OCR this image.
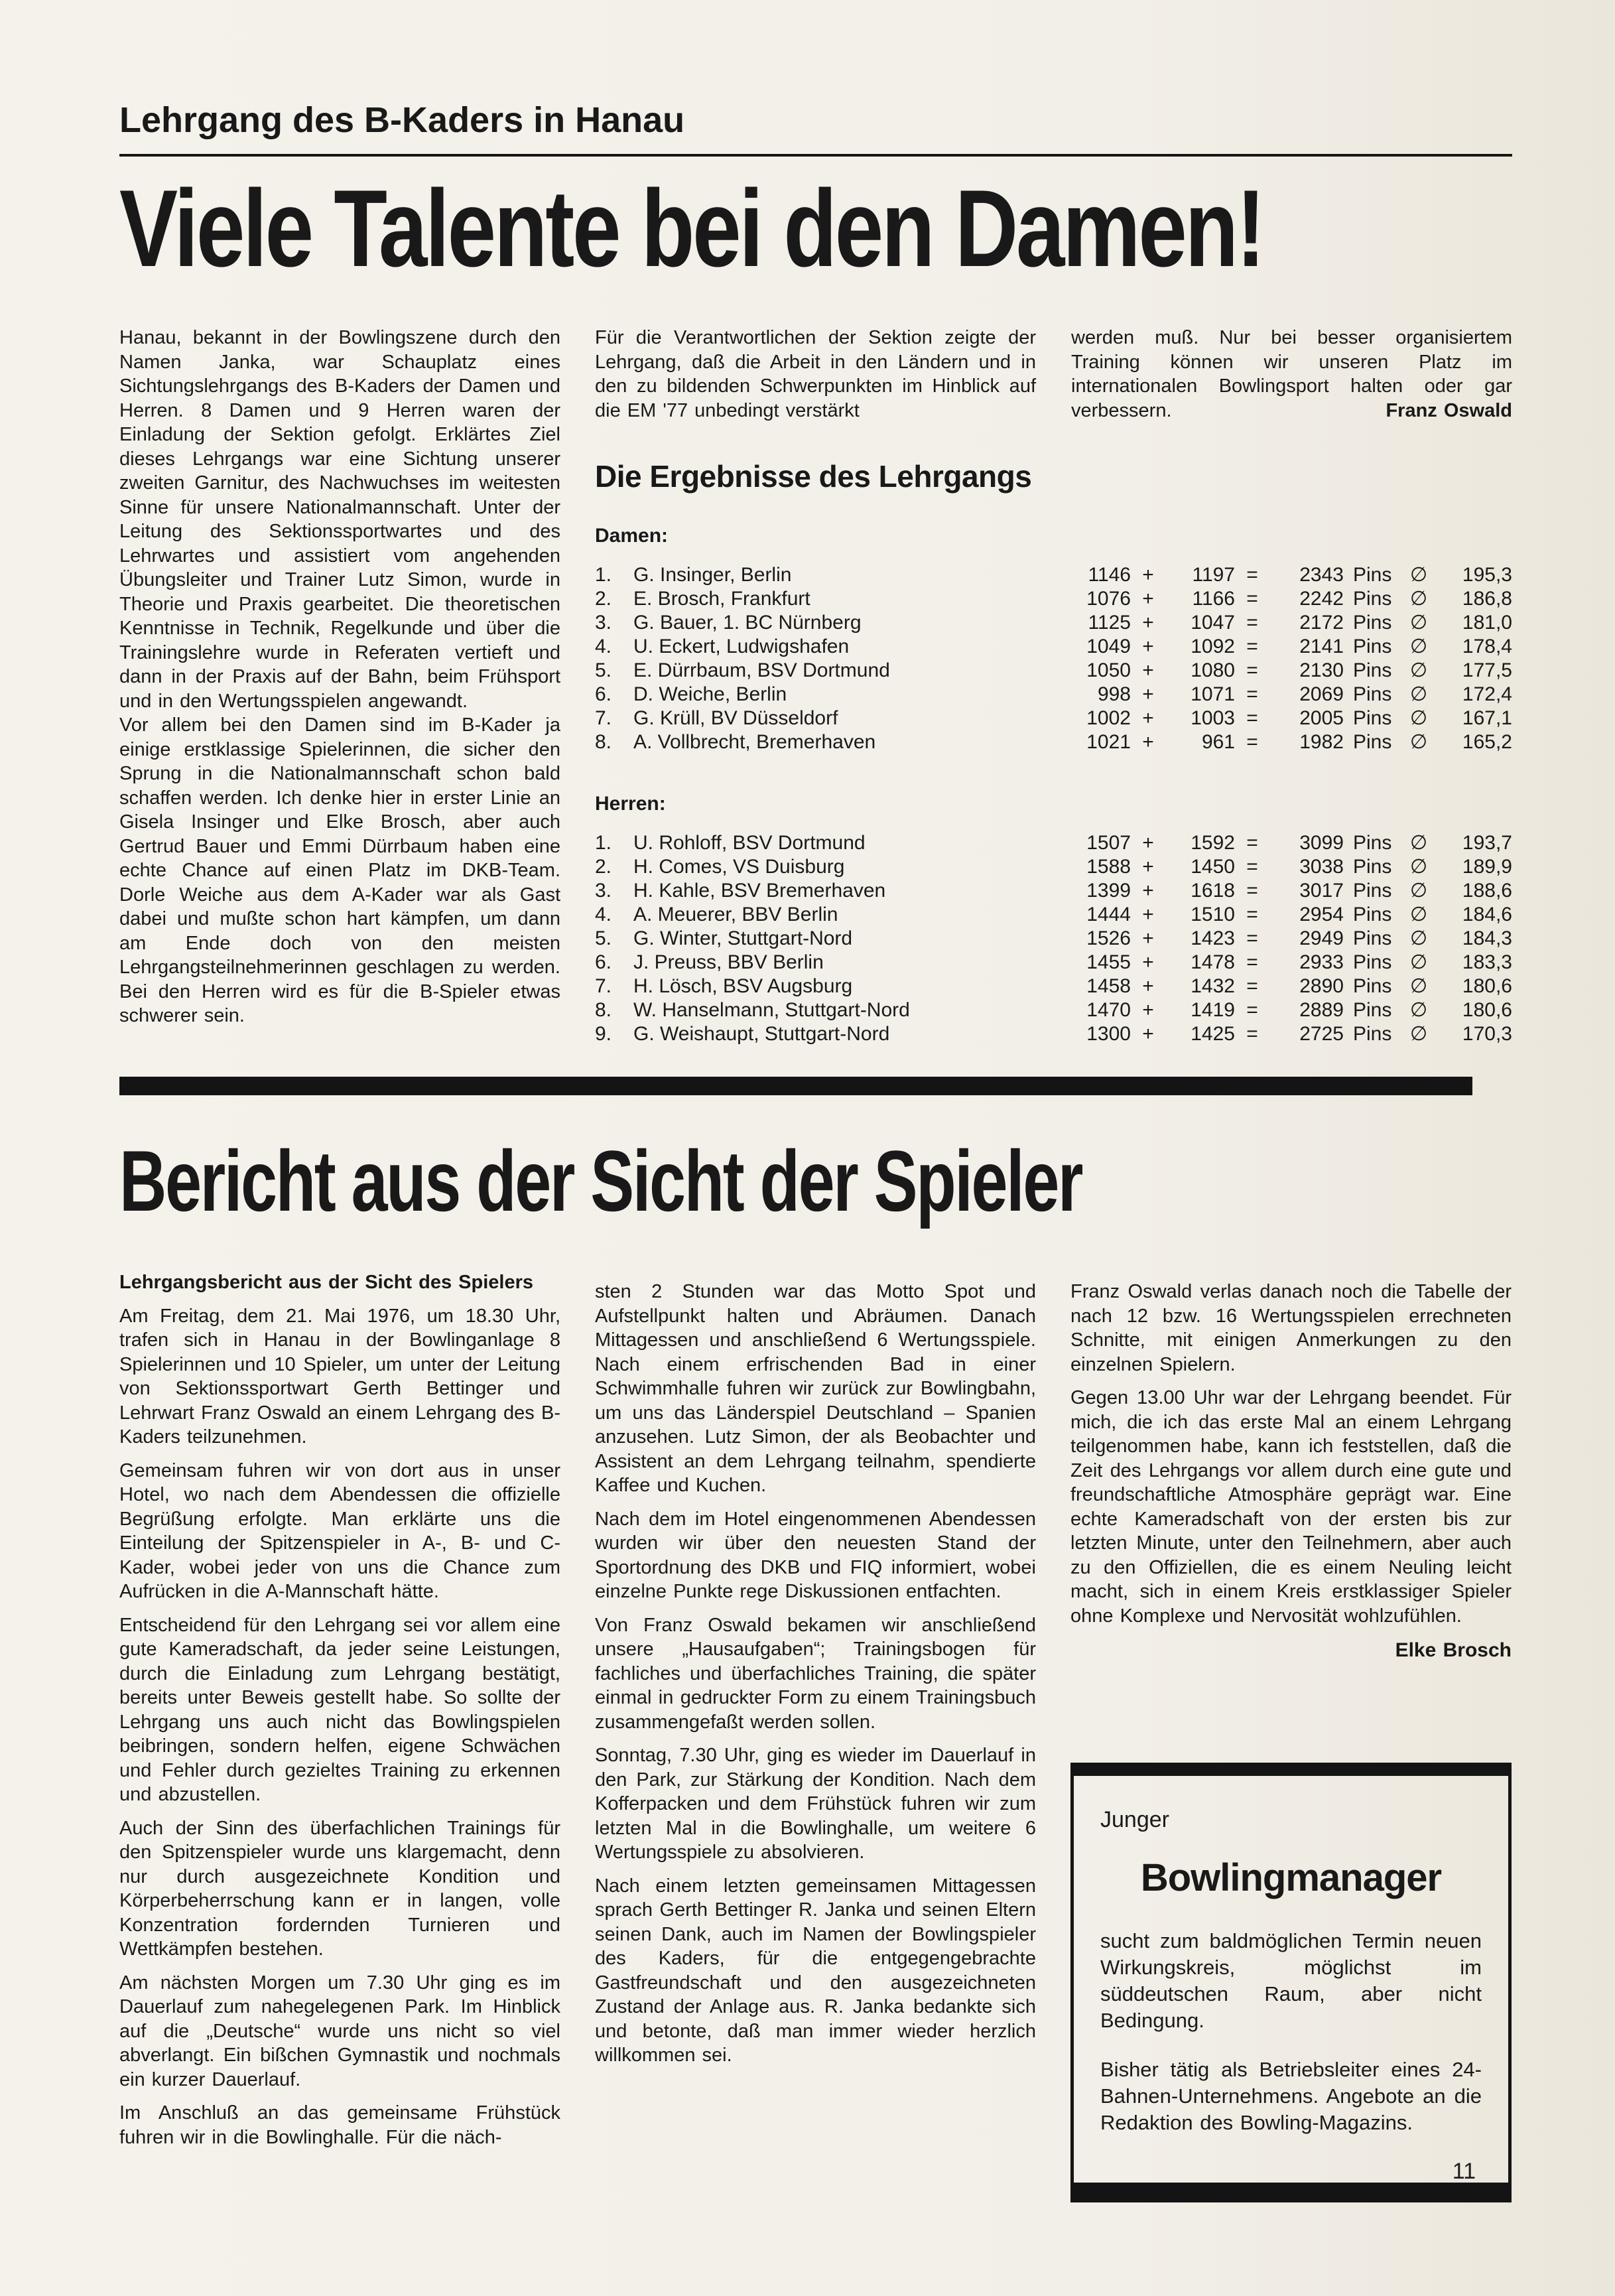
Lehrgang des B-Kaders in Hanau
Viele Talente bei den Damen!

Hanau, bekannt in der Bowlingszene durch den Namen Janka, war Schauplatz eines Sichtungslehrgangs des B-Kaders der Damen und Herren. 8 Damen und 9 Herren waren der Einladung der Sektion gefolgt. Erklärtes Ziel dieses Lehrgangs war eine Sichtung unserer zweiten Garnitur, des Nachwuchses im weitesten Sinne für unsere Nationalmannschaft. Unter der Leitung des Sektionssportwartes und des Lehrwartes und assistiert vom angehenden Übungsleiter und Trainer Lutz Simon, wurde in Theorie und Praxis gearbeitet. Die theoretischen Kenntnisse in Technik, Regelkunde und über die Trainingslehre wurde in Referaten vertieft und dann in der Praxis auf der Bahn, beim Frühsport und in den Wertungsspielen angewandt.

Vor allem bei den Damen sind im B-Kader ja einige erstklassige Spielerinnen, die sicher den Sprung in die Nationalmannschaft schon bald schaffen werden. Ich denke hier in erster Linie an Gisela Insinger und Elke Brosch, aber auch Gertrud Bauer und Emmi Dürrbaum haben eine echte Chance auf einen Platz im DKB-Team. Dorle Weiche aus dem A-Kader war als Gast dabei und mußte schon hart kämpfen, um dann am Ende doch von den meisten Lehrgangsteilnehmerinnen geschlagen zu werden. Bei den Herren wird es für die B-Spieler etwas schwerer sein.

Für die Verantwortlichen der Sektion zeigte der Lehrgang, daß die Arbeit in den Ländern und in den zu bildenden Schwerpunkten im Hinblick auf die EM '77 unbedingt verstärkt

werden muß. Nur bei besser organisiertem Training können wir unseren Platz im internationalen Bowlingsport halten oder gar verbessern.	Franz Oswald
Die Ergebnisse des Lehrgangs
Damen:
1.	G. Insinger, Berlin	1146 +	1197 =	2343 Pins ∅	195,3
2.	E. Brosch, Frankfurt	1076 +	1166 =	2242 Pins ∅	186,8
3.	G. Bauer, 1. BC Nürnberg	1125 +	1047 =	2172 Pins ∅	181,0
4.	U. Eckert, Ludwigshafen	1049 +	1092 =	2141 Pins ∅	178,4
5.	E. Dürrbaum, BSV Dortmund	1050 +	1080 =	2130 Pins ∅	177,5
6.	D. Weiche, Berlin	998 +	1071 =	2069 Pins ∅	172,4
7.	G. Krüll, BV Düsseldorf	1002 +	1003 =	2005 Pins ∅	167,1
8.	A. Vollbrecht, Bremerhaven	1021 +	961 =	1982 Pins ∅	165,2
Herren:
1.	U. Rohloff, BSV Dortmund	1507 +	1592 =	3099 Pins ∅	193,7
2.	H. Comes, VS Duisburg	1588 +	1450 =	3038 Pins ∅	189,9
3.	H. Kahle, BSV Bremerhaven	1399 +	1618 =	3017 Pins ∅	188,6
4.	A. Meuerer, BBV Berlin	1444 +	1510 =	2954 Pins ∅	184,6
5.	G. Winter, Stuttgart-Nord	1526 +	1423 =	2949 Pins ∅	184,3
6.	J. Preuss, BBV Berlin	1455 +	1478 =	2933 Pins ∅	183,3
7.	H. Lösch, BSV Augsburg	1458 +	1432 =	2890 Pins ∅	180,6
8.	W. Hanselmann, Stuttgart-Nord	1470 +	1419 =	2889 Pins ∅	180,6
9.	G. Weishaupt, Stuttgart-Nord	1300 +	1425 =	2725 Pins ∅	170,3
Bericht aus der Sicht der Spieler

Lehrgangsbericht aus der Sicht des Spielers

Am Freitag, dem 21. Mai 1976, um 18.30 Uhr, trafen sich in Hanau in der Bowlinganlage 8 Spielerinnen und 10 Spieler, um unter der Leitung von Sektionssportwart Gerth Bettinger und Lehrwart Franz Oswald an einem Lehrgang des B-Kaders teilzunehmen.

Gemeinsam fuhren wir von dort aus in unser Hotel, wo nach dem Abendessen die offizielle Begrüßung erfolgte. Man erklärte uns die Einteilung der Spitzenspieler in A-, B- und C-Kader, wobei jeder von uns die Chance zum Aufrücken in die A-Mannschaft hätte.

Entscheidend für den Lehrgang sei vor allem eine gute Kameradschaft, da jeder seine Leistungen, durch die Einladung zum Lehrgang bestätigt, bereits unter Beweis gestellt habe. So sollte der Lehrgang uns auch nicht das Bowlingspielen beibringen, sondern helfen, eigene Schwächen und Fehler durch gezieltes Training zu erkennen und abzustellen.

Auch der Sinn des überfachlichen Trainings für den Spitzenspieler wurde uns klargemacht, denn nur durch ausgezeichnete Kondition und Körperbeherrschung kann er in langen, volle Konzentration fordernden Turnieren und Wettkämpfen bestehen.

Am nächsten Morgen um 7.30 Uhr ging es im Dauerlauf zum nahegelegenen Park. Im Hinblick auf die „Deutsche“ wurde uns nicht so viel abverlangt. Ein bißchen Gymnastik und nochmals ein kurzer Dauerlauf.

Im Anschluß an das gemeinsame Frühstück fuhren wir in die Bowlinghalle. Für die näch-

sten 2 Stunden war das Motto Spot und Aufstellpunkt halten und Abräumen. Danach Mittagessen und anschließend 6 Wertungsspiele. Nach einem erfrischenden Bad in einer Schwimmhalle fuhren wir zurück zur Bowlingbahn, um uns das Länderspiel Deutschland – Spanien anzusehen. Lutz Simon, der als Beobachter und Assistent an dem Lehrgang teilnahm, spendierte Kaffee und Kuchen.

Nach dem im Hotel eingenommenen Abendessen wurden wir über den neuesten Stand der Sportordnung des DKB und FIQ informiert, wobei einzelne Punkte rege Diskussionen entfachten.

Von Franz Oswald bekamen wir anschließend unsere „Hausaufgaben“; Trainingsbogen für fachliches und überfachliches Training, die später einmal in gedruckter Form zu einem Trainingsbuch zusammengefaßt werden sollen.

Sonntag, 7.30 Uhr, ging es wieder im Dauerlauf in den Park, zur Stärkung der Kondition. Nach dem Kofferpacken und dem Frühstück fuhren wir zum letzten Mal in die Bowlinghalle, um weitere 6 Wertungsspiele zu absolvieren.

Nach einem letzten gemeinsamen Mittagessen sprach Gerth Bettinger R. Janka und seinen Eltern seinen Dank, auch im Namen der Bowlingspieler des Kaders, für die entgegengebrachte Gastfreundschaft und den ausgezeichneten Zustand der Anlage aus. R. Janka bedankte sich und betonte, daß man immer wieder herzlich willkommen sei.

Franz Oswald verlas danach noch die Tabelle der nach 12 bzw. 16 Wertungsspielen errechneten Schnitte, mit einigen Anmerkungen zu den einzelnen Spielern.

Gegen 13.00 Uhr war der Lehrgang beendet. Für mich, die ich das erste Mal an einem Lehrgang teilgenommen habe, kann ich feststellen, daß die Zeit des Lehrgangs vor allem durch eine gute und freundschaftliche Atmosphäre geprägt war. Eine echte Kameradschaft von der ersten bis zur letzten Minute, unter den Teilnehmern, aber auch zu den Offiziellen, die es einem Neuling leicht macht, sich in einem Kreis erstklassiger Spieler ohne Komplexe und Nervosität wohlzufühlen.

Elke Brosch
Junger
Bowlingmanager

sucht zum baldmöglichen Termin neuen Wirkungskreis, möglichst im süddeutschen Raum, aber nicht Bedingung.

Bisher tätig als Betriebsleiter eines 24-Bahnen-Unternehmens. Angebote an die Redaktion des Bowling-Magazins.

11
